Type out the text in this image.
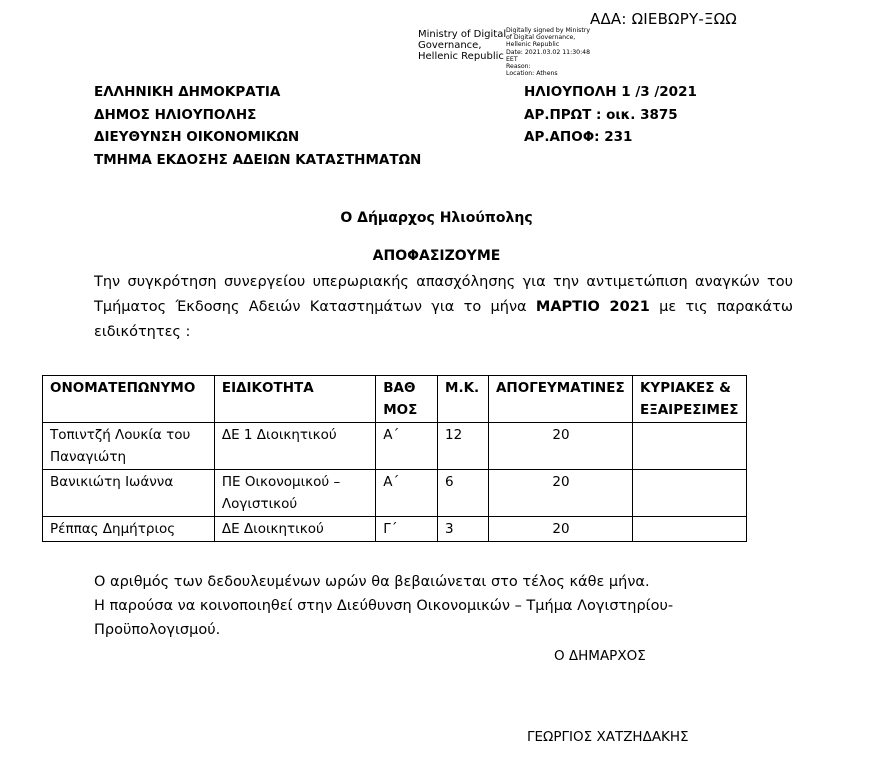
ΑΔΑ: ΩΙΕΒΩΡΥ-ΞΩΩ
Ministry of Digital
Governance,
Hellenic Republic
Digitally signed by Ministry
of Digital Governance,
Hellenic Republic
Date: 2021.03.02 11:30:48
EET
Reason:
Location: Athens
ΕΛΛΗΝΙΚΗ ΔΗΜΟΚΡΑΤΙΑ
ΔΗΜΟΣ ΗΛΙΟΥΠΟΛΗΣ
ΔΙΕΥΘΥΝΣΗ ΟΙΚΟΝΟΜΙΚΩΝ
ΤΜΗΜΑ ΕΚΔΟΣΗΣ ΑΔΕΙΩΝ ΚΑΤΑΣΤΗΜΑΤΩΝ
ΗΛΙΟΥΠΟΛΗ 1 /3 /2021
ΑΡ.ΠΡΩΤ : οικ. 3875
ΑΡ.ΑΠΟΦ: 231
Ο Δήμαρχος Ηλιούπολης
ΑΠΟΦΑΣΙΖΟΥΜΕ
Την συγκρότηση συνεργείου υπερωριακής απασχόλησης για την αντιμετώπιση αναγκών του Τμήματος Έκδοσης Αδειών Καταστημάτων για το μήνα ΜΑΡΤΙΟ 2021 με τις παρακάτω ειδικότητες :
ΟΝΟΜΑΤΕΠΩΝΥΜΟ	ΕΙΔΙΚΟΤΗΤΑ	ΒΑΘ ΜΟΣ	Μ.Κ.	ΑΠΟΓΕΥΜΑΤΙΝΕΣ	ΚΥΡΙΑΚΕΣ & ΕΞΑΙΡΕΣΙΜΕΣ
Τοπιντζή Λουκία του Παναγιώτη	ΔΕ 1 Διοικητικού	Α΄	12	20	
Βανικιώτη Ιωάννα	ΠΕ Οικονομικού – Λογιστικού	Α΄	6	20	
Ρέππας Δημήτριος	ΔΕ Διοικητικού	Γ΄	3	20	
Ο αριθμός των δεδουλευμένων ωρών θα βεβαιώνεται στο τέλος κάθε μήνα.
Η παρούσα να κοινοποιηθεί στην Διεύθυνση Οικονομικών – Τμήμα Λογιστηρίου-
Προϋπολογισμού.
Ο ΔΗΜΑΡΧΟΣ
ΓΕΩΡΓΙΟΣ ΧΑΤΖΗΔΑΚΗΣ
